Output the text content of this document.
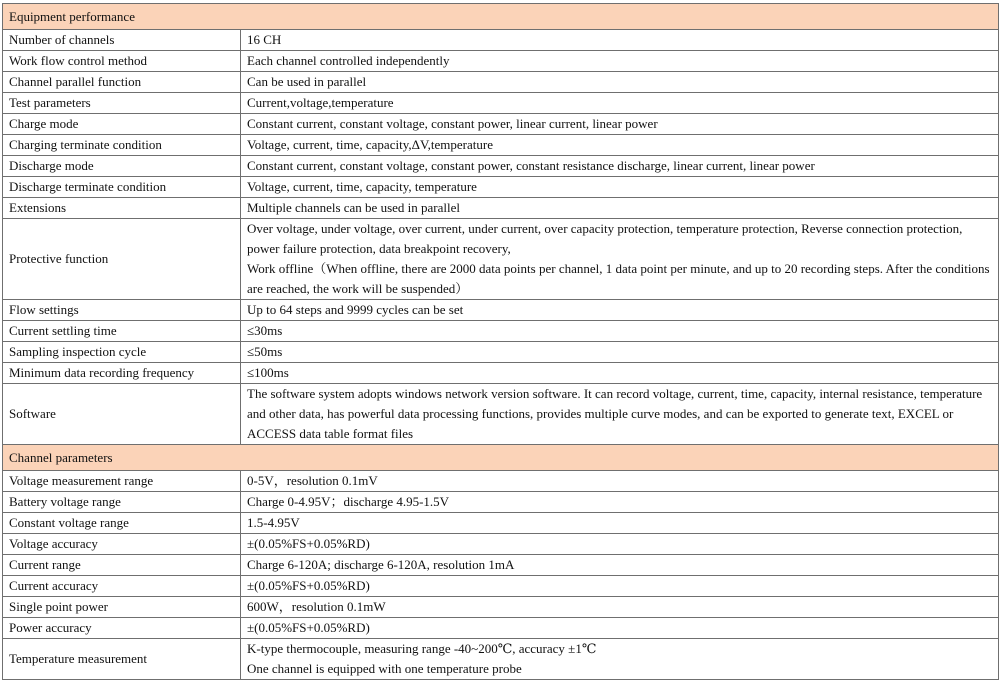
Equipment performance	
Number of channels	16 CH
Work flow control method	Each channel controlled independently
Channel parallel function	Can be used in parallel
Test parameters	Current,voltage,temperature
Charge mode	Constant current, constant voltage, constant power, linear current, linear power
Charging terminate condition	Voltage, current, time, capacity,ΔV,temperature
Discharge mode	Constant current, constant voltage, constant power, constant resistance discharge, linear current, linear power
Discharge terminate condition	Voltage, current, time, capacity, temperature
Extensions	Multiple channels can be used in parallel
Protective function	Over voltage, under voltage, over current, under current, over capacity protection, temperature protection, Reverse connection protection, power failure protection, data breakpoint recovery,
Work offline（When offline, there are 2000 data points per channel, 1 data point per minute, and up to 20 recording steps. After the conditions are reached, the work will be suspended）
Flow settings	Up to 64 steps and 9999 cycles can be set
Current settling time	≤30ms
Sampling inspection cycle	≤50ms
Minimum data recording frequency	≤100ms
Software	The software system adopts windows network version software. It can record voltage, current, time, capacity, internal resistance, temperature and other data, has powerful data processing functions, provides multiple curve modes, and can be exported to generate text, EXCEL or ACCESS data table format files
Channel parameters	
Voltage measurement range	0-5V，resolution 0.1mV
Battery voltage range	Charge 0-4.95V；discharge 4.95-1.5V
Constant voltage range	1.5-4.95V
Voltage accuracy	±(0.05%FS+0.05%RD)
Current range	Charge 6-120A; discharge 6-120A, resolution 1mA
Current accuracy	±(0.05%FS+0.05%RD)
Single point power	600W，resolution 0.1mW
Power accuracy	±(0.05%FS+0.05%RD)
Temperature measurement	K-type thermocouple, measuring range -40~200℃, accuracy ±1℃
One channel is equipped with one temperature probe
